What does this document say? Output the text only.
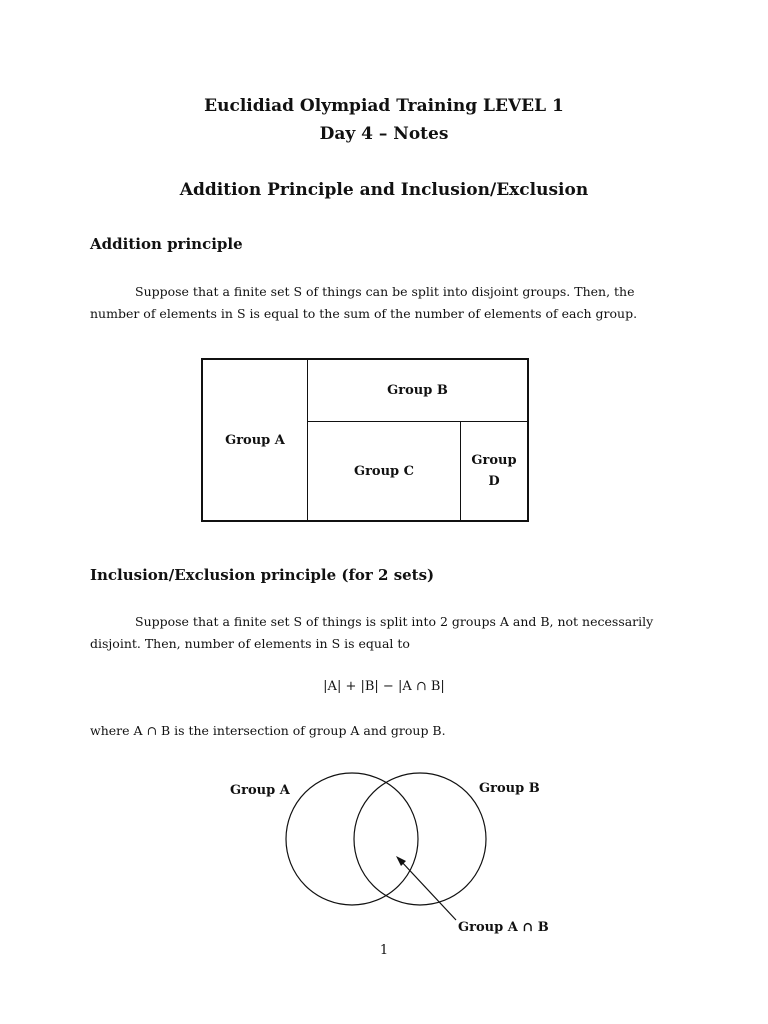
Euclidiad Olympiad Training LEVEL 1
Day 4 – Notes
Addition Principle and Inclusion/Exclusion
Addition principle
Suppose that a finite set S of things can be split into disjoint groups. Then, the number of elements in S is equal to the sum of the number of elements of each group.
Group A
Group B
Group C
Group
D
Inclusion/Exclusion principle (for 2 sets)
Suppose that a finite set S of things is split into 2 groups A and B, not necessarily disjoint. Then, number of elements in S is equal to
|A| + |B| − |A ∩ B|
where A ∩ B is the intersection of group A and group B.
Group A	Group B
Group A ∩ B
1
